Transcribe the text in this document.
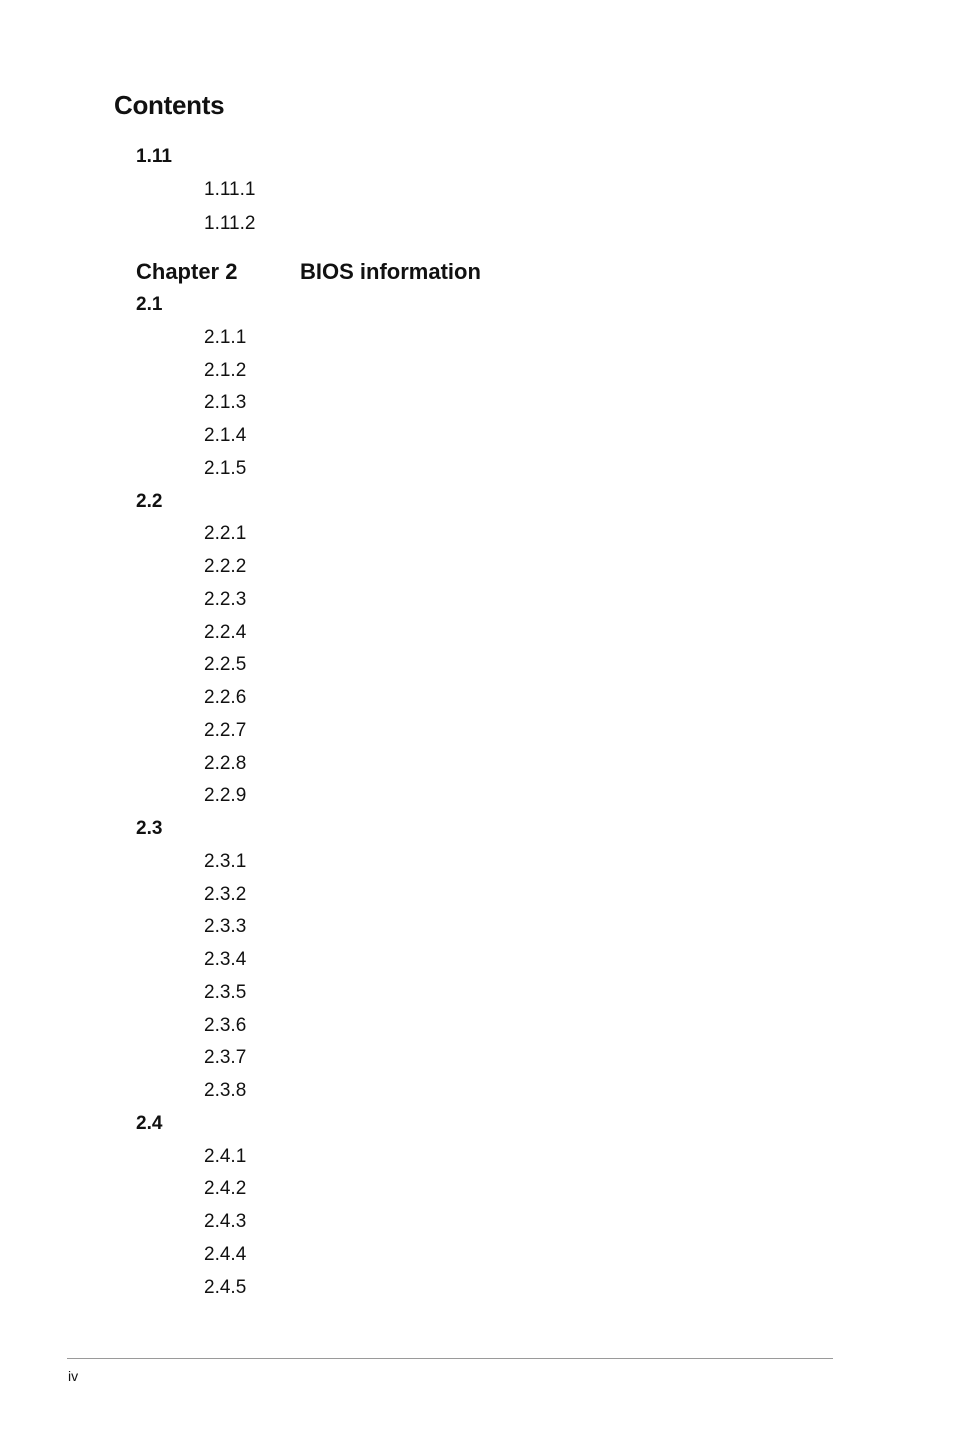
Contents
Chapter 2	BIOS information
1.11
1.11.1
1.11.2
2.1
2.1.1
2.1.2
2.1.3
2.1.4
2.1.5
2.2
2.2.1
2.2.2
2.2.3
2.2.4
2.2.5
2.2.6
2.2.7
2.2.8
2.2.9
2.3
2.3.1
2.3.2
2.3.3
2.3.4
2.3.5
2.3.6
2.3.7
2.3.8
2.4
2.4.1
2.4.2
2.4.3
2.4.4
2.4.5
iv
